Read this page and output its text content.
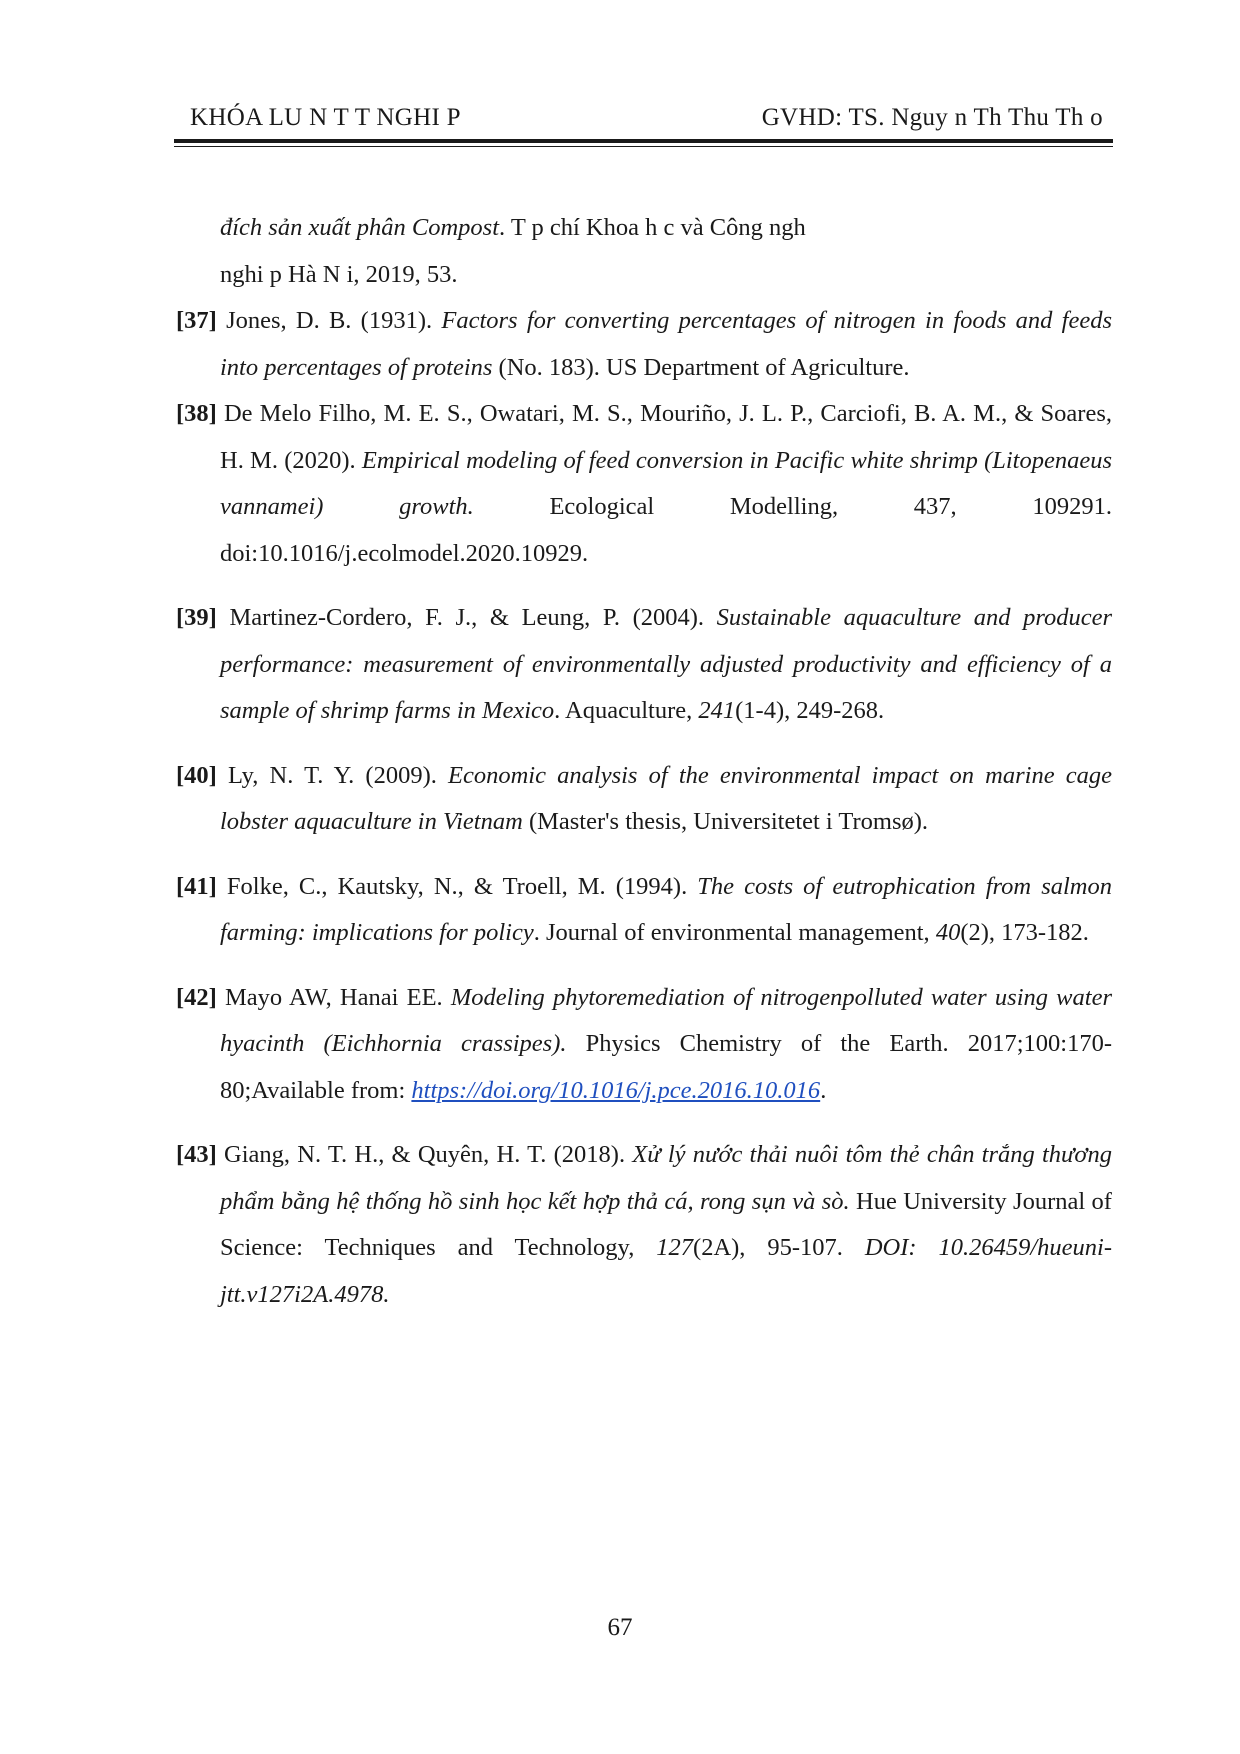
KHÓA LU N T T NGHI P	GVHD: TS. Nguy n Th Thu Th o
đích sản xuất phân Compost. T p chí Khoa h c và Công ngh
nghi p Hà N i, 2019, 53.
[37] Jones, D. B. (1931). Factors for converting percentages of nitrogen in foods and feeds into percentages of proteins (No. 183). US Department of Agriculture.
[38] De Melo Filho, M. E. S., Owatari, M. S., Mouriño, J. L. P., Carciofi, B. A. M., & Soares, H. M. (2020). Empirical modeling of feed conversion in Pacific white shrimp (Litopenaeus vannamei) growth. Ecological Modelling, 437, 109291. doi:10.1016/j.ecolmodel.2020.10929.
[39] Martinez-Cordero, F. J., & Leung, P. (2004). Sustainable aquaculture and producer performance: measurement of environmentally adjusted productivity and efficiency of a sample of shrimp farms in Mexico. Aquaculture, 241(1-4), 249-268.
[40] Ly, N. T. Y. (2009). Economic analysis of the environmental impact on marine cage lobster aquaculture in Vietnam (Master's thesis, Universitetet i Tromsø).
[41] Folke, C., Kautsky, N., & Troell, M. (1994). The costs of eutrophication from salmon farming: implications for policy. Journal of environmental management, 40(2), 173-182.
[42] Mayo AW, Hanai EE. Modeling phytoremediation of nitrogenpolluted water using water hyacinth (Eichhornia crassipes). Physics Chemistry of the Earth. 2017;100:170-80;Available from: https://doi.org/10.1016/j.pce.2016.10.016.
[43] Giang, N. T. H., & Quyên, H. T. (2018). Xử lý nước thải nuôi tôm thẻ chân trắng thương phẩm bằng hệ thống hồ sinh học kết hợp thả cá, rong sụn và sò. Hue University Journal of Science: Techniques and Technology, 127(2A), 95-107. DOI: 10.26459/hueuni-jtt.v127i2A.4978.
67
